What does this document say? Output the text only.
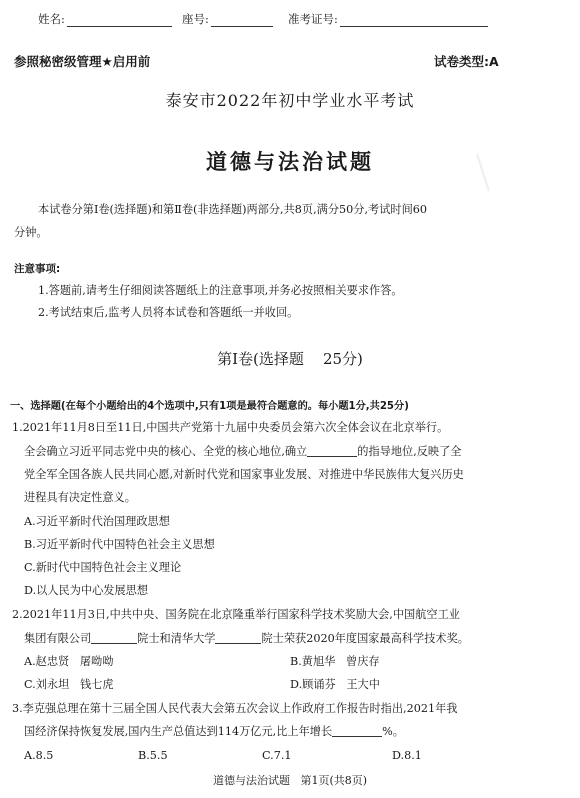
⟋
姓名:	座号:	准考证号:
参照秘密级管理★启用前	试卷类型:A
泰安市2022年初中学业水平考试
道德与法治试题
本试卷分第Ⅰ卷(选择题)和第Ⅱ卷(非选择题)两部分,共8页,满分50分,考试时间60
分钟。
注意事项:
1.答题前,请考生仔细阅读答题纸上的注意事项,并务必按照相关要求作答。
2.考试结束后,监考人员将本试卷和答题纸一并收回。
第Ⅰ卷(选择题    25分)
一、选择题(在每个小题给出的4个选项中,只有1项是最符合题意的。每小题1分,共25分)
1.2021年11月8日至11日,中国共产党第十九届中央委员会第六次全体会议在北京举行。
全会确立习近平同志党中央的核心、全党的核心地位,确立	的指导地位,反映了全
党全军全国各族人民共同心愿,对新时代党和国家事业发展、对推进中华民族伟大复兴历史
进程具有决定性意义。
A.习近平新时代治国理政思想
B.习近平新时代中国特色社会主义思想
C.新时代中国特色社会主义理论
D.以人民为中心发展思想
2.2021年11月3日,中共中央、国务院在北京隆重举行国家科学技术奖励大会,中国航空工业
集团有限公司	院士和清华大学	院士荣获2020年度国家最高科学技术奖。
A.赵忠贤   屠呦呦	B.黄旭华   曾庆存
C.刘永坦   钱七虎	D.顾诵芬   王大中
3.李克强总理在第十三届全国人民代表大会第五次会议上作政府工作报告时指出,2021年我
国经济保持恢复发展,国内生产总值达到114万亿元,比上年增长	%。
A.8.5	B.5.5	C.7.1	D.8.1
道德与法治试题   第1页(共8页)
